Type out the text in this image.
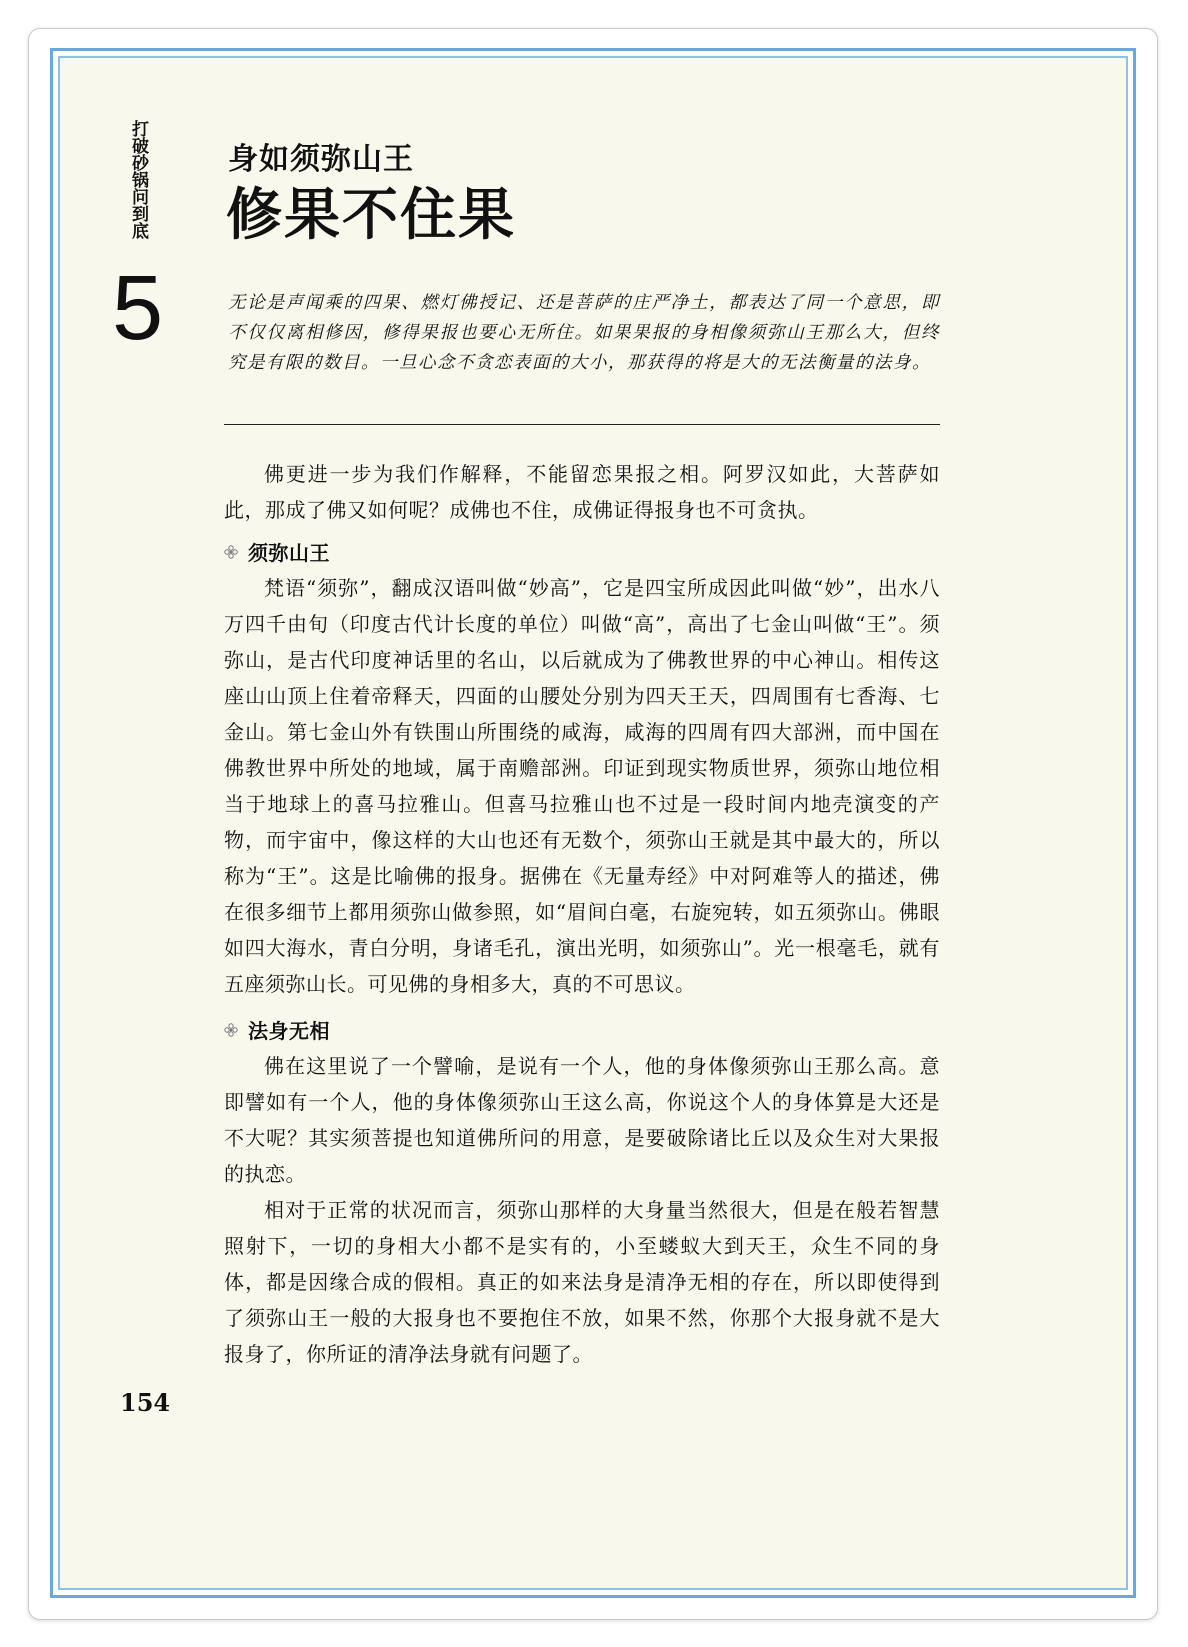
打破砂锅问到底
5
身如须弥山王
修果不住果
无论是声闻乘的四果、燃灯佛授记、还是菩萨的庄严净土，都表达了同一个意思，即不仅仅离相修因，修得果报也要心无所住。如果果报的身相像须弥山王那么大，但终究是有限的数目。一旦心念不贪恋表面的大小，那获得的将是大的无法衡量的法身。

佛更进一步为我们作解释，不能留恋果报之相。阿罗汉如此，大菩萨如此，那成了佛又如何呢？成佛也不住，成佛证得报身也不可贪执。

须弥山王

梵语“须弥”，翻成汉语叫做“妙高”，它是四宝所成因此叫做“妙”，出水八万四千由旬（印度古代计长度的单位）叫做“高”，高出了七金山叫做“王”。须弥山，是古代印度神话里的名山，以后就成为了佛教世界的中心神山。相传这座山山顶上住着帝释天，四面的山腰处分别为四天王天，四周围有七香海、七金山。第七金山外有铁围山所围绕的咸海，咸海的四周有四大部洲，而中国在佛教世界中所处的地域，属于南赡部洲。印证到现实物质世界，须弥山地位相当于地球上的喜马拉雅山。但喜马拉雅山也不过是一段时间内地壳演变的产物，而宇宙中，像这样的大山也还有无数个，须弥山王就是其中最大的，所以称为“王”。这是比喻佛的报身。据佛在《无量寿经》中对阿难等人的描述，佛在很多细节上都用须弥山做参照，如“眉间白毫，右旋宛转，如五须弥山。佛眼如四大海水，青白分明，身诸毛孔，演出光明，如须弥山”。光一根毫毛，就有五座须弥山长。可见佛的身相多大，真的不可思议。

法身无相

佛在这里说了一个譬喻，是说有一个人，他的身体像须弥山王那么高。意即譬如有一个人，他的身体像须弥山王这么高，你说这个人的身体算是大还是不大呢？其实须菩提也知道佛所问的用意，是要破除诸比丘以及众生对大果报的执恋。

相对于正常的状况而言，须弥山那样的大身量当然很大，但是在般若智慧照射下，一切的身相大小都不是实有的，小至蝼蚁大到天王，众生不同的身体，都是因缘合成的假相。真正的如来法身是清净无相的存在，所以即使得到了须弥山王一般的大报身也不要抱住不放，如果不然，你那个大报身就不是大报身了，你所证的清净法身就有问题了。

154
